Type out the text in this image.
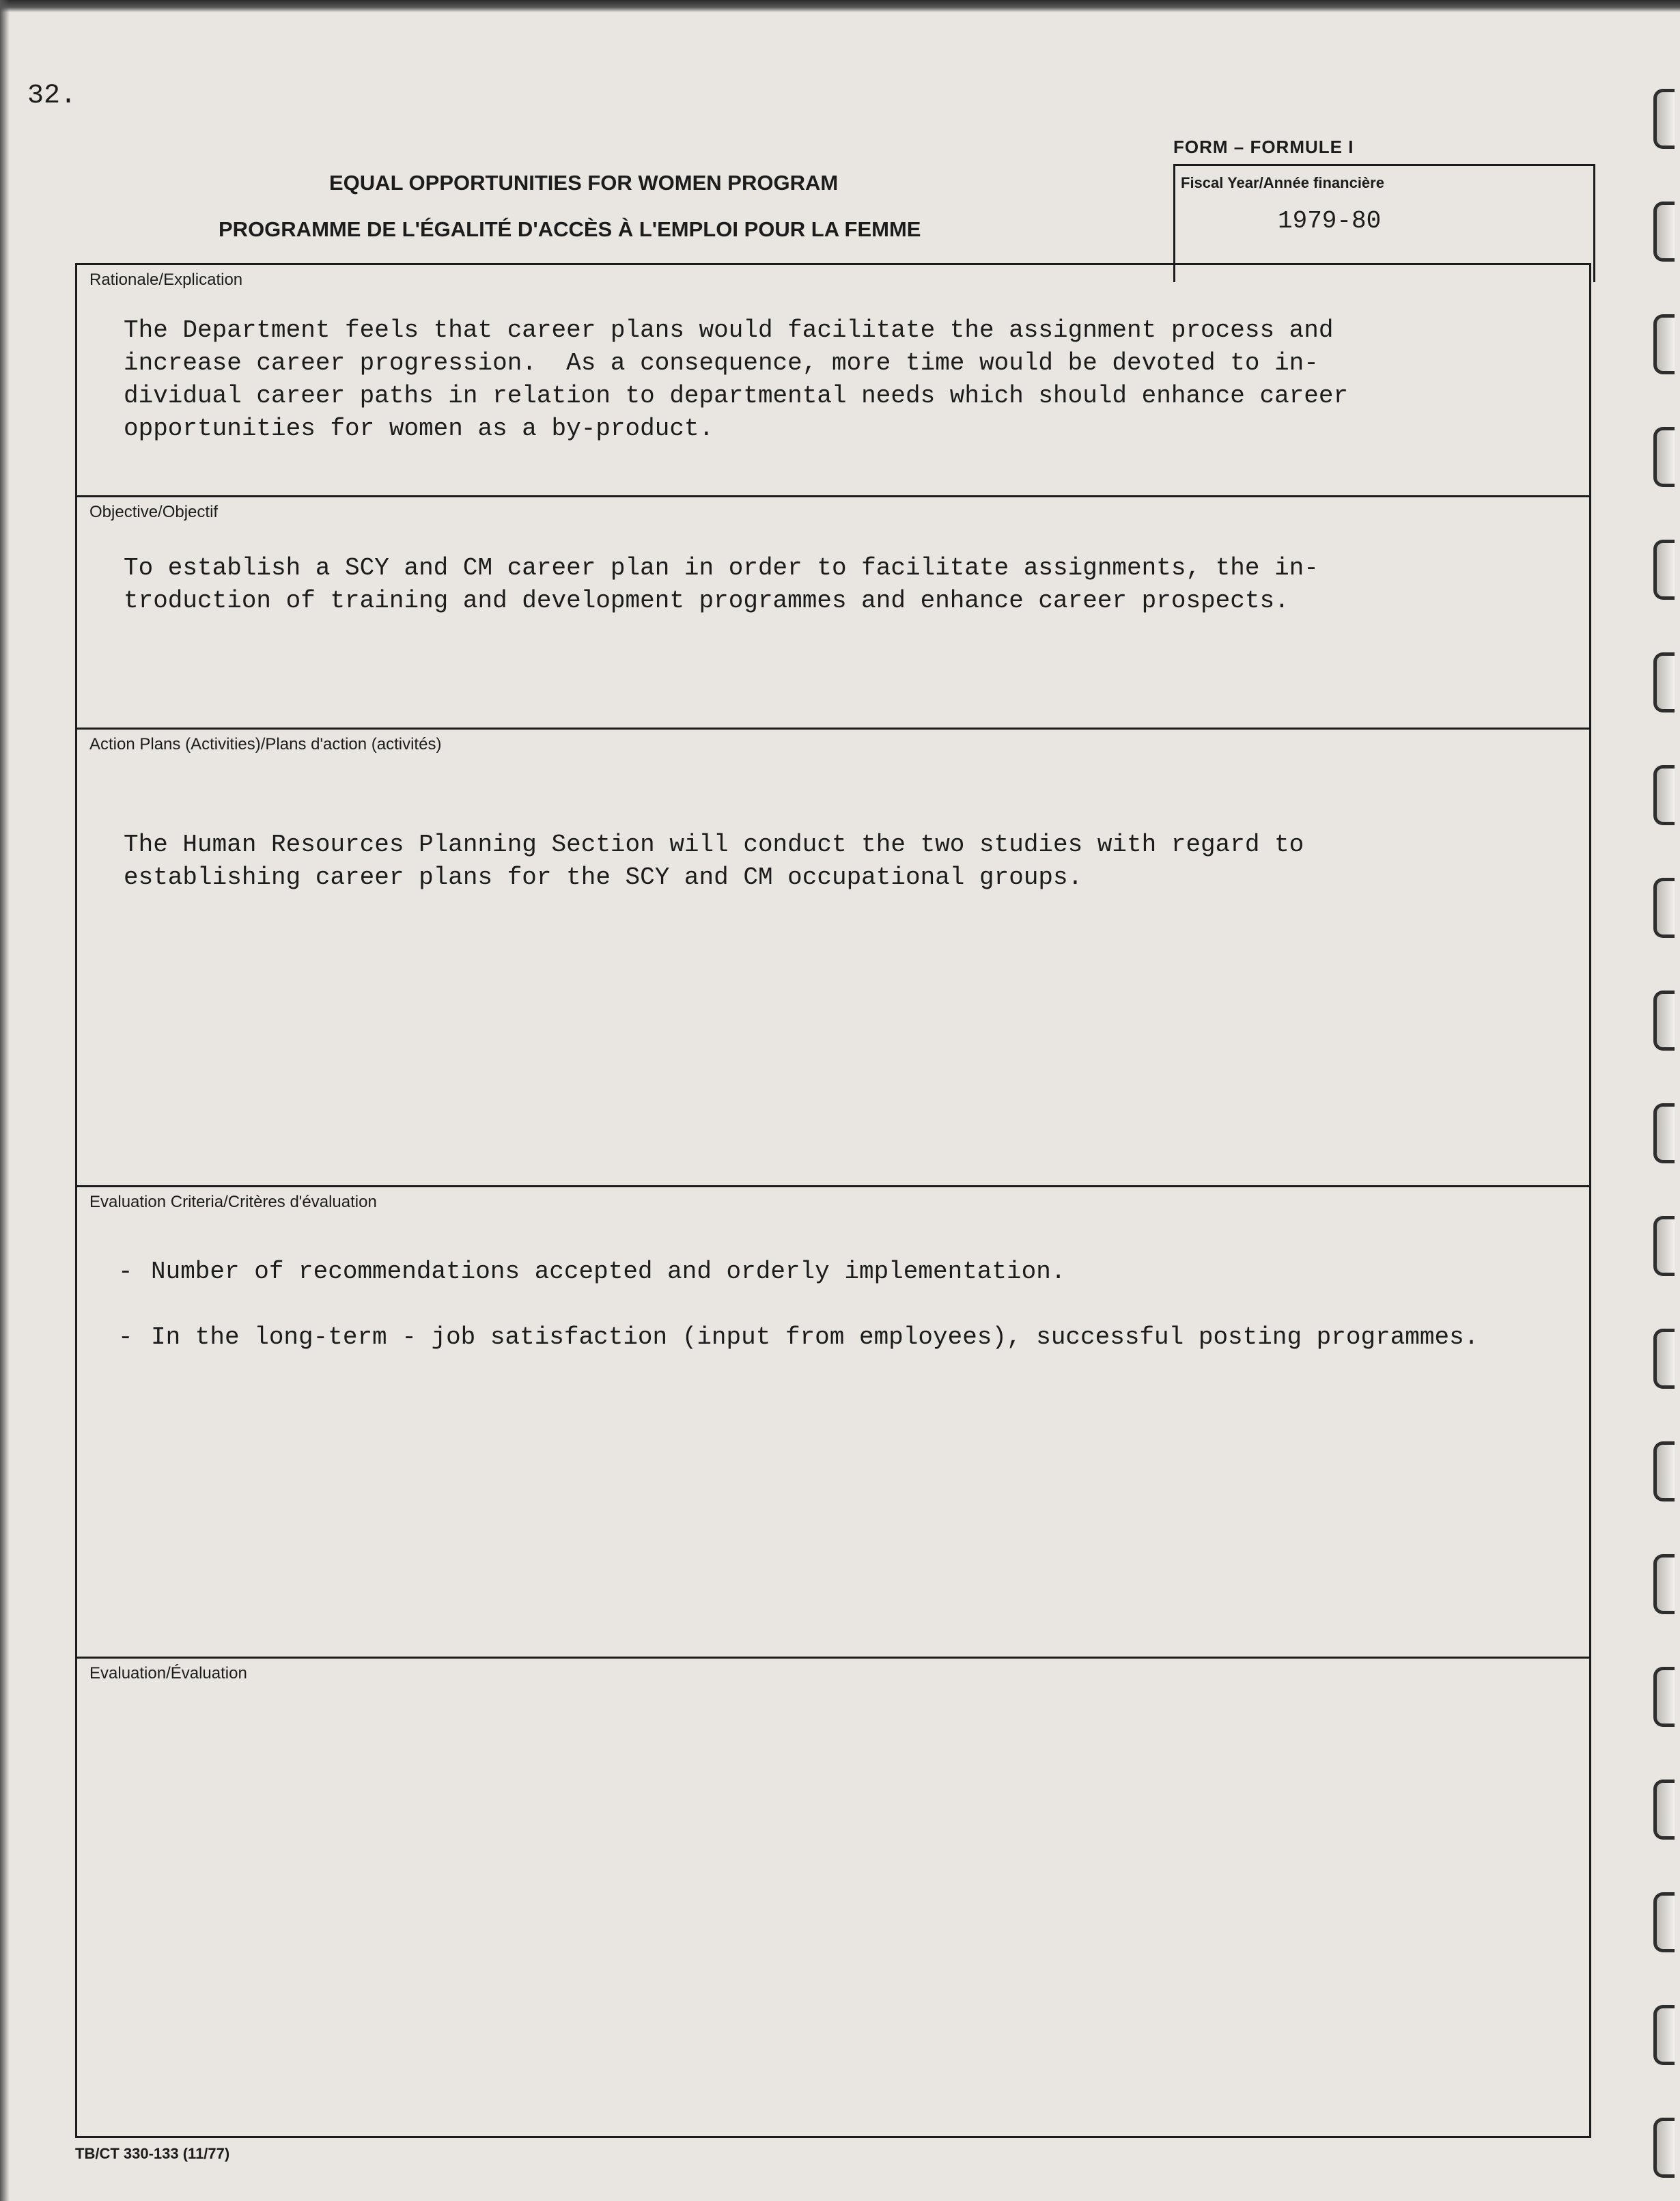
32.
FORM – FORMULE I
EQUAL OPPORTUNITIES FOR WOMEN PROGRAM
PROGRAMME DE L'ÉGALITÉ D'ACCÈS À L'EMPLOI POUR LA FEMME
Fiscal Year/Année financière
1979-80
Rationale/Explication
The Department feels that career plans would facilitate the assignment process and
increase career progression.  As a consequence, more time would be devoted to in-
dividual career paths in relation to departmental needs which should enhance career
opportunities for women as a by-product.
Objective/Objectif
To establish a SCY and CM career plan in order to facilitate assignments, the in-
troduction of training and development programmes and enhance career prospects.
Action Plans (Activities)/Plans d'action (activités)
The Human Resources Planning Section will conduct the two studies with regard to
establishing career plans for the SCY and CM occupational groups.
Evaluation Criteria/Critères d'évaluation
- Number of recommendations accepted and orderly implementation.
- In the long-term - job satisfaction (input from employees), successful posting programmes.
Evaluation/Évaluation
TB/CT 330-133 (11/77)
